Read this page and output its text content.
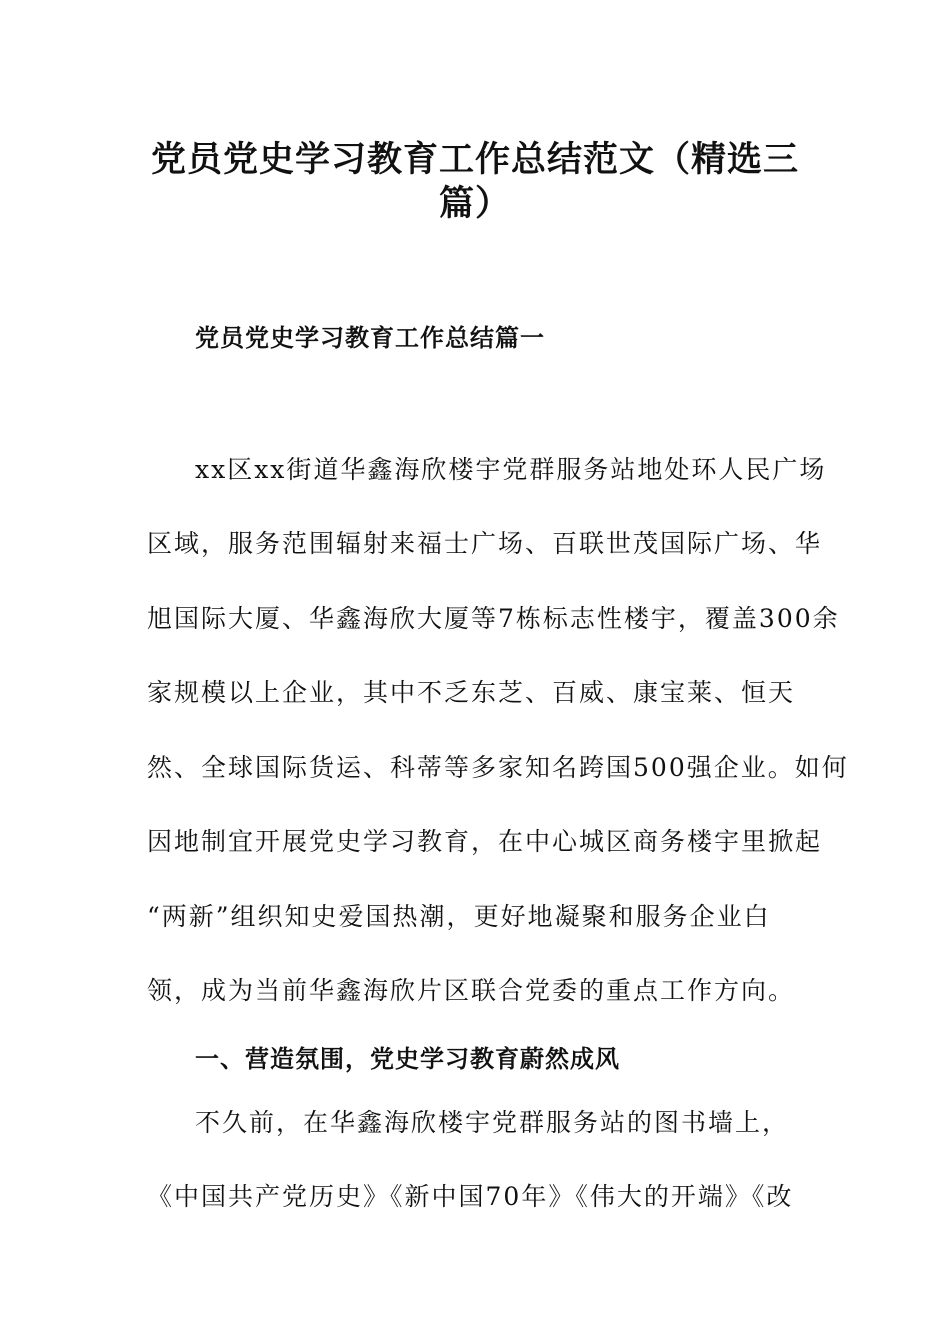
党员党史学习教育工作总结范文（精选三
篇）
党员党史学习教育工作总结篇一
xx区xx街道华鑫海欣楼宇党群服务站地处环人民广场
区域，服务范围辐射来福士广场、百联世茂国际广场、华
旭国际大厦、华鑫海欣大厦等7栋标志性楼宇，覆盖300余
家规模以上企业，其中不乏东芝、百威、康宝莱、恒天
然、全球国际货运、科蒂等多家知名跨国500强企业。如何
因地制宜开展党史学习教育，在中心城区商务楼宇里掀起
“两新”组织知史爱国热潮，更好地凝聚和服务企业白
领，成为当前华鑫海欣片区联合党委的重点工作方向。
一、营造氛围，党史学习教育蔚然成风
不久前，在华鑫海欣楼宇党群服务站的图书墙上，
《中国共产党历史》《新中国70年》《伟大的开端》《改
